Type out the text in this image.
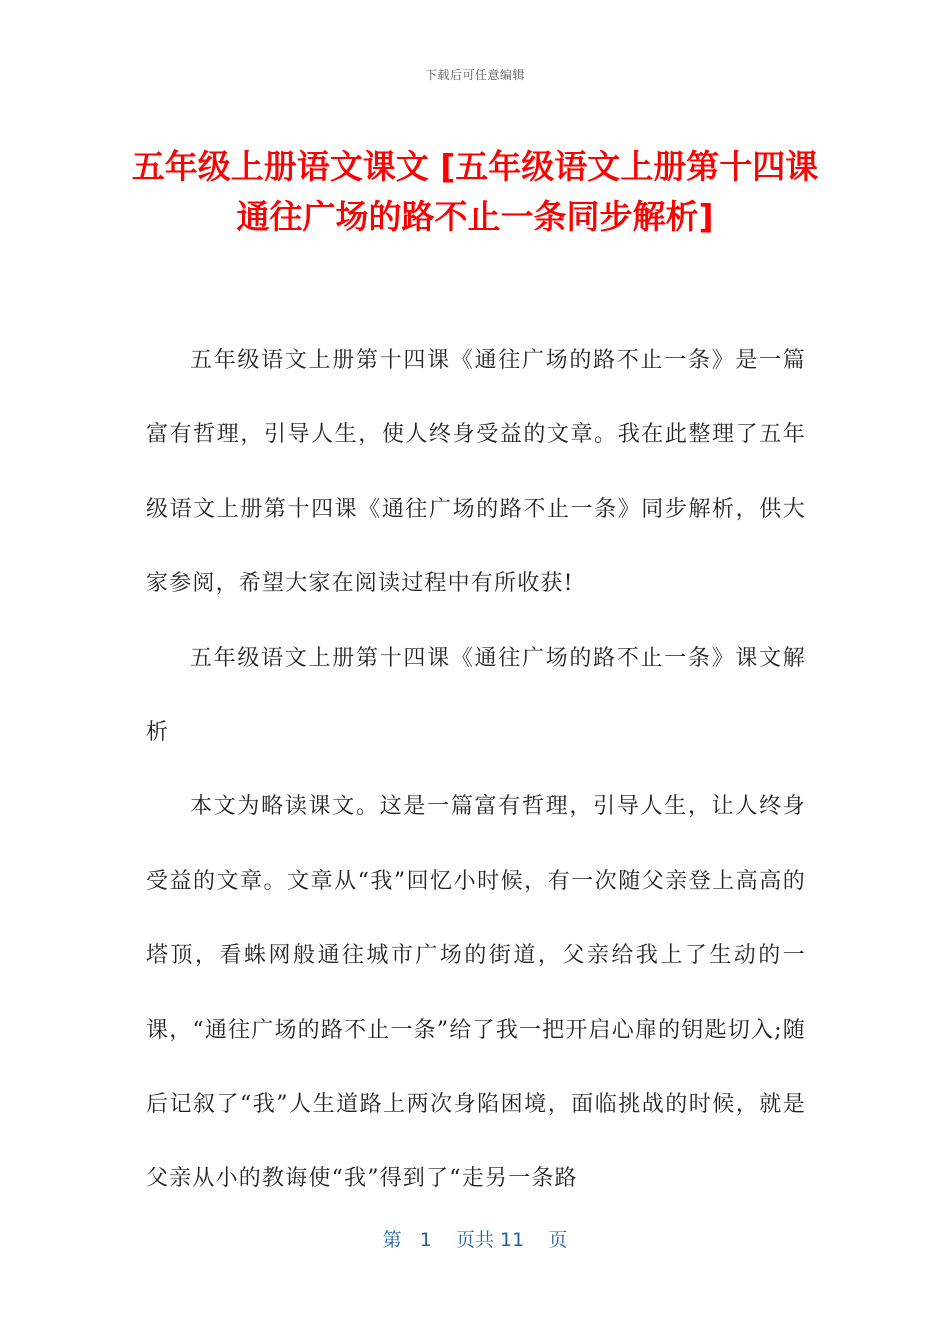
下载后可任意编辑
五年级上册语文课文 [五年级语文上册第十四课通往广场的路不止一条同步解析]

五年级语文上册第十四课《通往广场的路不止一条》是一篇富有哲理，引导人生，使人终身受益的文章。我在此整理了五年级语文上册第十四课《通往广场的路不止一条》同步解析，供大家参阅，希望大家在阅读过程中有所收获!

五年级语文上册第十四课《通往广场的路不止一条》课文解析

本文为略读课文。这是一篇富有哲理，引导人生，让人终身受益的文章。文章从“我”回忆小时候，有一次随父亲登上高高的塔顶，看蛛网般通往城市广场的街道，父亲给我上了生动的一课，“通往广场的路不止一条”给了我一把开启心扉的钥匙切入;随后记叙了“我”人生道路上两次身陷困境，面临挑战的时候，就是父亲从小的教诲使“我”得到了“走另一条路

第 1 页共 11 页
